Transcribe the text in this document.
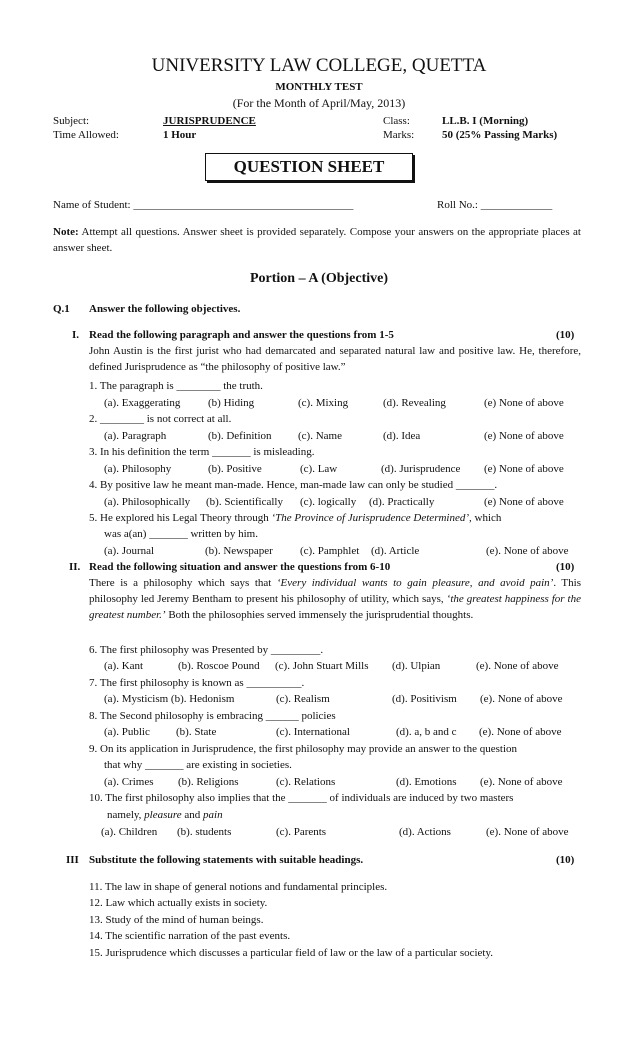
UNIVERSITY LAW COLLEGE, QUETTA
MONTHLY TEST
(For the Month of April/May, 2013)
Subject:	JURISPRUDENCE	Class:	LL.B. I (Morning)
Time Allowed:	1 Hour	Marks:	50 (25% Passing Marks)
QUESTION SHEET
Name of Student: ________________________________________	Roll No.: _____________
Note: Attempt all questions. Answer sheet is provided separately. Compose your answers on the appropriate places at answer sheet.
Portion – A (Objective)
Q.1 Answer the following objectives.
I. Read the following paragraph and answer the questions from 1-5	(10)
John Austin is the first jurist who had demarcated and separated natural law and positive law. He, therefore, defined Jurisprudence as “the philosophy of positive law.”
1. The paragraph is ________ the truth.
(a). Exaggerating	(b) Hiding	(c). Mixing	(d). Revealing	(e) None of above
2. ________ is not correct at all.
(a). Paragraph	(b). Definition (c). Name	(d). Idea	(e) None of above
3. In his definition the term _______ is misleading.
(a). Philosophy	(b). Positive	(c). Law	(d). Jurisprudence (e) None of above
4. By positive law he meant man-made. Hence, man-made law can only be studied _______.
(a). Philosophically (b). Scientifically (c). logically (d). Practically	(e) None of above
5. He explored his Legal Theory through ‘The Province of Jurisprudence Determined’, which
was a(an) _______ written by him.
(a). Journal	(b). Newspaper (c). Pamphlet (d). Article	(e). None of above
II. Read the following situation and answer the questions from 6-10	(10)
There is a philosophy which says that ‘Every individual wants to gain pleasure, and avoid pain’. This philosophy led Jeremy Bentham to present his philosophy of utility, which says, ‘the greatest happiness for the greatest number.’ Both the philosophies served immensely the jurisprudential thoughts.
6. The first philosophy was Presented by _________.
(a). Kant	(b). Roscoe Pound (c). John Stuart Mills (d). Ulpian	(e). None of above
7. The first philosophy is known as __________.
(a). Mysticism (b). Hedonism	(c). Realism	(d). Positivism (e). None of above
8. The Second philosophy is embracing ______ policies
(a). Public (b). State	(c). International	(d). a, b and c (e). None of above
9. On its application in Jurisprudence, the first philosophy may provide an answer to the question
that why _______ are existing in societies.
(a). Crimes (b). Religions	(c). Relations	(d). Emotions (e). None of above
10. The first philosophy also implies that the _______ of individuals are induced by two masters
namely, pleasure and pain
(a). Children (b). students	(c). Parents	(d). Actions	(e). None of above
III Substitute the following statements with suitable headings.	(10)
11. The law in shape of general notions and fundamental principles.
12. Law which actually exists in society.
13. Study of the mind of human beings.
14. The scientific narration of the past events.
15. Jurisprudence which discusses a particular field of law or the law of a particular society.
